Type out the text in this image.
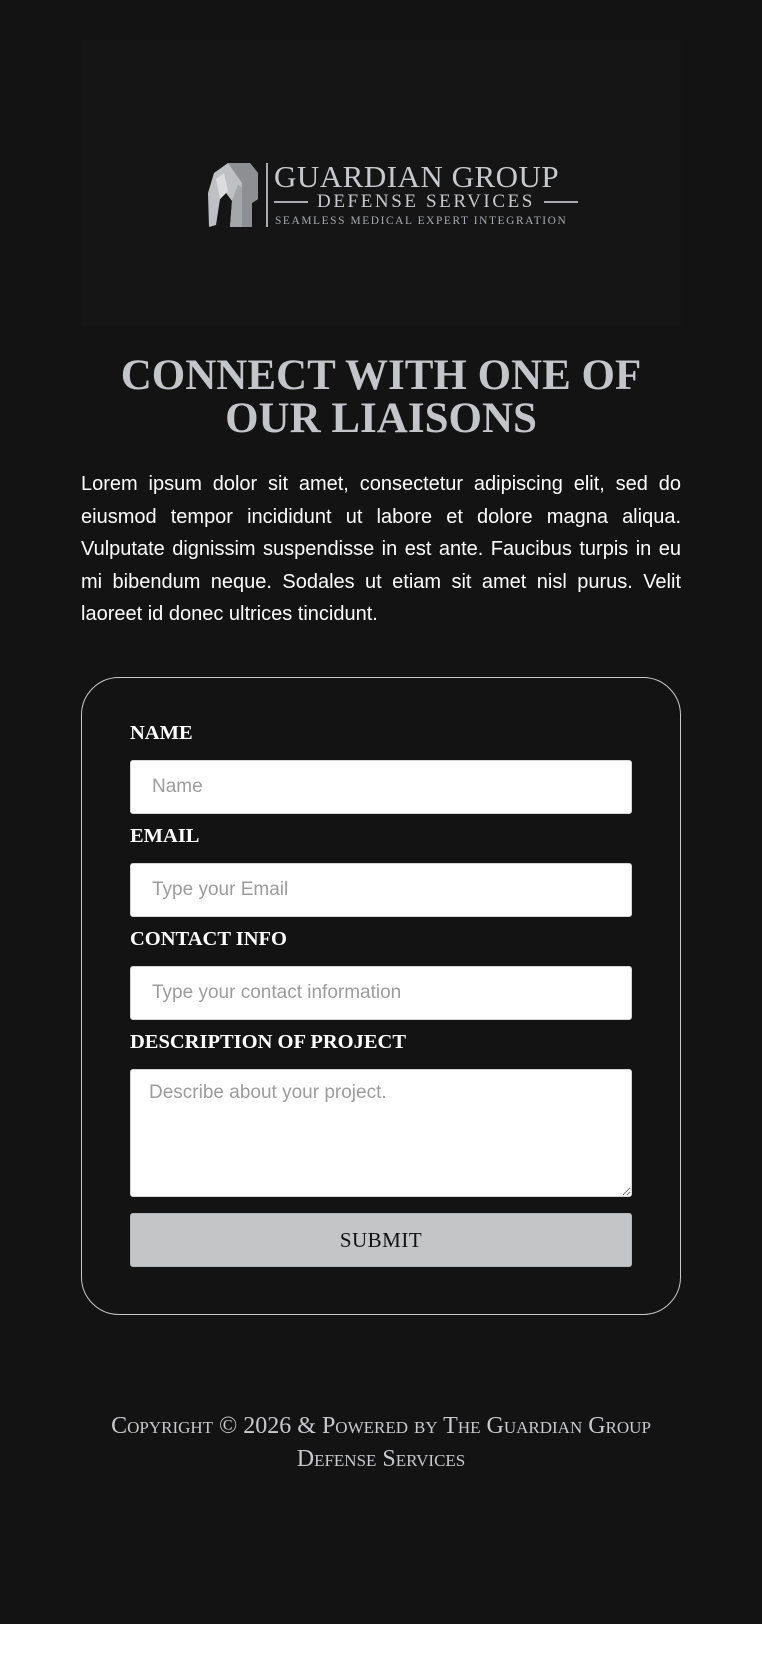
GUARDIAN GROUP
DEFENSE SERVICES
SEAMLESS MEDICAL EXPERT INTEGRATION
CONNECT WITH ONE OF OUR LIAISONS

Lorem ipsum dolor sit amet, consectetur adipiscing elit, sed do eiusmod tempor incididunt ut labore et dolore magna aliqua. Vulputate dignissim suspendisse in est ante. Faucibus turpis in eu mi bibendum neque. Sodales ut etiam sit amet nisl purus. Velit laoreet id donec ultrices tincidunt.

NAME
Name
EMAIL
Type your Email
CONTACT INFO
Type your contact information
DESCRIPTION OF PROJECT
Describe about your project.
SUBMIT

Copyright © 2026 & Powered by The Guardian Group Defense Services
